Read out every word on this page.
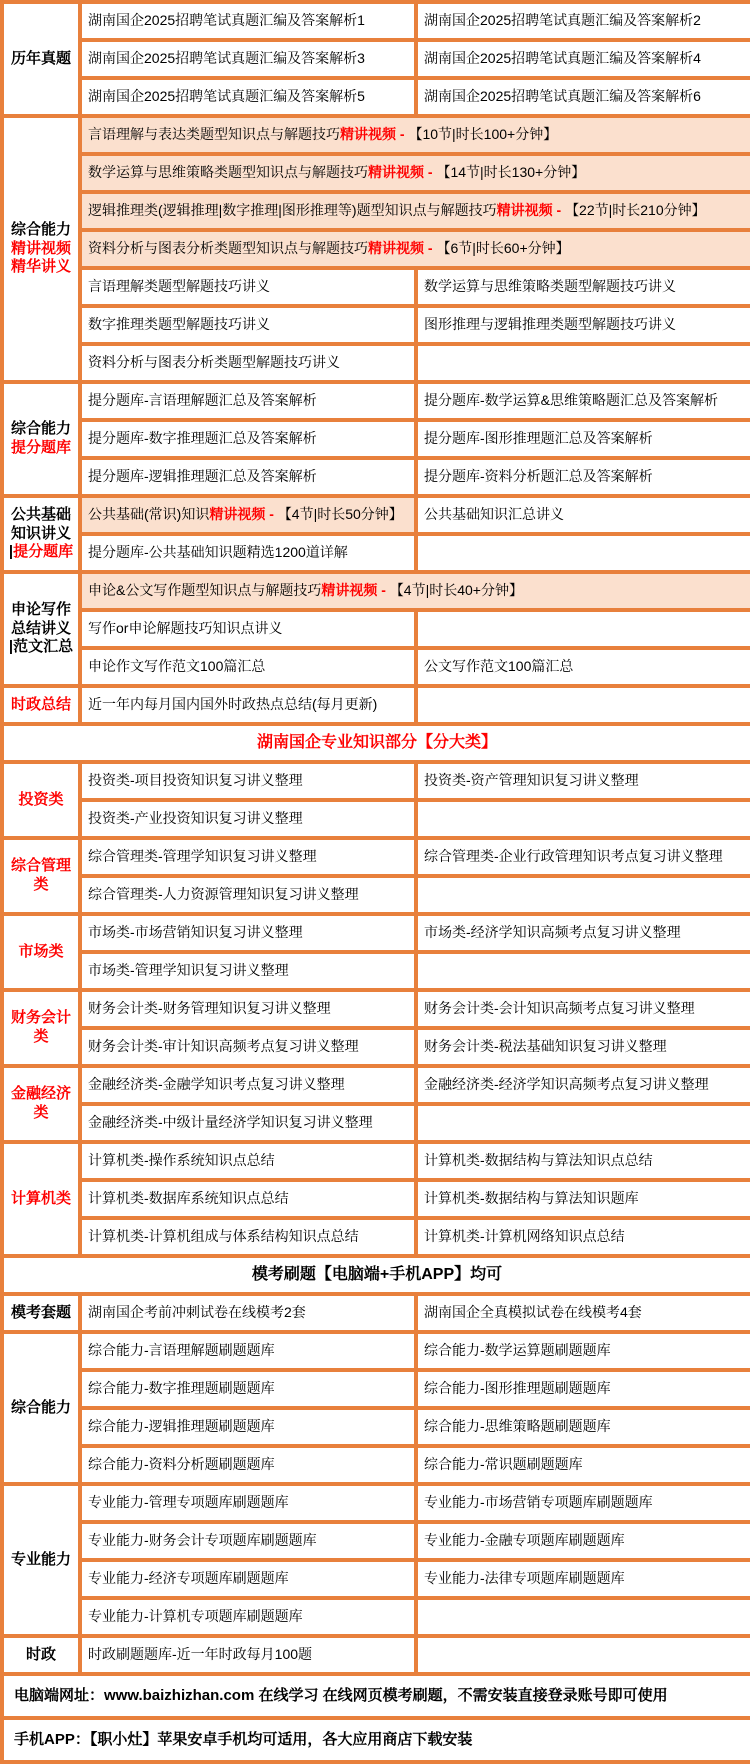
历年真题	湖南国企2025招聘笔试真题汇编及答案解析1	湖南国企2025招聘笔试真题汇编及答案解析2
	湖南国企2025招聘笔试真题汇编及答案解析3	湖南国企2025招聘笔试真题汇编及答案解析4
	湖南国企2025招聘笔试真题汇编及答案解析5	湖南国企2025招聘笔试真题汇编及答案解析6

综合能力
精讲视频
精华讲义	言语理解与表达类题型知识点与解题技巧精讲视频 - 【10节|时长100+分钟】	
	数学运算与思维策略类题型知识点与解题技巧精讲视频 - 【14节|时长130+分钟】	
	逻辑推理类(逻辑推理|数字推理|图形推理等)题型知识点与解题技巧精讲视频 - 【22节|时长210分钟】	
	资料分析与图表分析类题型知识点与解题技巧精讲视频 - 【6节|时长60+分钟】	
	言语理解类题型解题技巧讲义	数学运算与思维策略类题型解题技巧讲义
	数字推理类题型解题技巧讲义	图形推理与逻辑推理类题型解题技巧讲义
	资料分析与图表分析类题型解题技巧讲义	

综合能力
提分题库	提分题库-言语理解题汇总及答案解析	提分题库-数学运算&思维策略题汇总及答案解析
	提分题库-数字推理题汇总及答案解析	提分题库-图形推理题汇总及答案解析
	提分题库-逻辑推理题汇总及答案解析	提分题库-资料分析题汇总及答案解析

公共基础
知识讲义
|提分题库	公共基础(常识)知识精讲视频 - 【4节|时长50分钟】	公共基础知识汇总讲义
	提分题库-公共基础知识题精选1200道详解	

申论写作
总结讲义
|范文汇总	申论&公文写作题型知识点与解题技巧精讲视频 - 【4节|时长40+分钟】	
	写作or申论解题技巧知识点讲义	
	申论作文写作范文100篇汇总	公文写作范文100篇汇总

时政总结	近一年内每月国内国外时政热点总结(每月更新)	
湖南国企专业知识部分【分大类】		

投资类	投资类-项目投资知识复习讲义整理	投资类-资产管理知识复习讲义整理
	投资类-产业投资知识复习讲义整理	

综合管理类	综合管理类-管理学知识复习讲义整理	综合管理类-企业行政管理知识考点复习讲义整理
	综合管理类-人力资源管理知识复习讲义整理	

市场类	市场类-市场营销知识复习讲义整理	市场类-经济学知识高频考点复习讲义整理
	市场类-管理学知识复习讲义整理	

财务会计类	财务会计类-财务管理知识复习讲义整理	财务会计类-会计知识高频考点复习讲义整理
	财务会计类-审计知识高频考点复习讲义整理	财务会计类-税法基础知识复习讲义整理

金融经济类	金融经济类-金融学知识考点复习讲义整理	金融经济类-经济学知识高频考点复习讲义整理
	金融经济类-中级计量经济学知识复习讲义整理	

计算机类	计算机类-操作系统知识点总结	计算机类-数据结构与算法知识点总结
	计算机类-数据库系统知识点总结	计算机类-数据结构与算法知识题库
	计算机类-计算机组成与体系结构知识点总结	计算机类-计算机网络知识点总结
模考刷题【电脑端+手机APP】均可		

模考套题	湖南国企考前冲刺试卷在线模考2套	湖南国企全真模拟试卷在线模考4套

综合能力	综合能力-言语理解题刷题题库	综合能力-数学运算题刷题题库
	综合能力-数字推理题刷题题库	综合能力-图形推理题刷题题库
	综合能力-逻辑推理题刷题题库	综合能力-思维策略题刷题题库
	综合能力-资料分析题刷题题库	综合能力-常识题刷题题库

专业能力	专业能力-管理专项题库刷题题库	专业能力-市场营销专项题库刷题题库
	专业能力-财务会计专项题库刷题题库	专业能力-金融专项题库刷题题库
	专业能力-经济专项题库刷题题库	专业能力-法律专项题库刷题题库
	专业能力-计算机专项题库刷题题库	

时政	时政刷题题库-近一年时政每月100题	
电脑端网址：www.baizhizhan.com 在线学习 在线网页模考刷题，不需安装直接登录账号即可使用		
手机APP：【职小灶】苹果安卓手机均可适用，各大应用商店下载安装		
